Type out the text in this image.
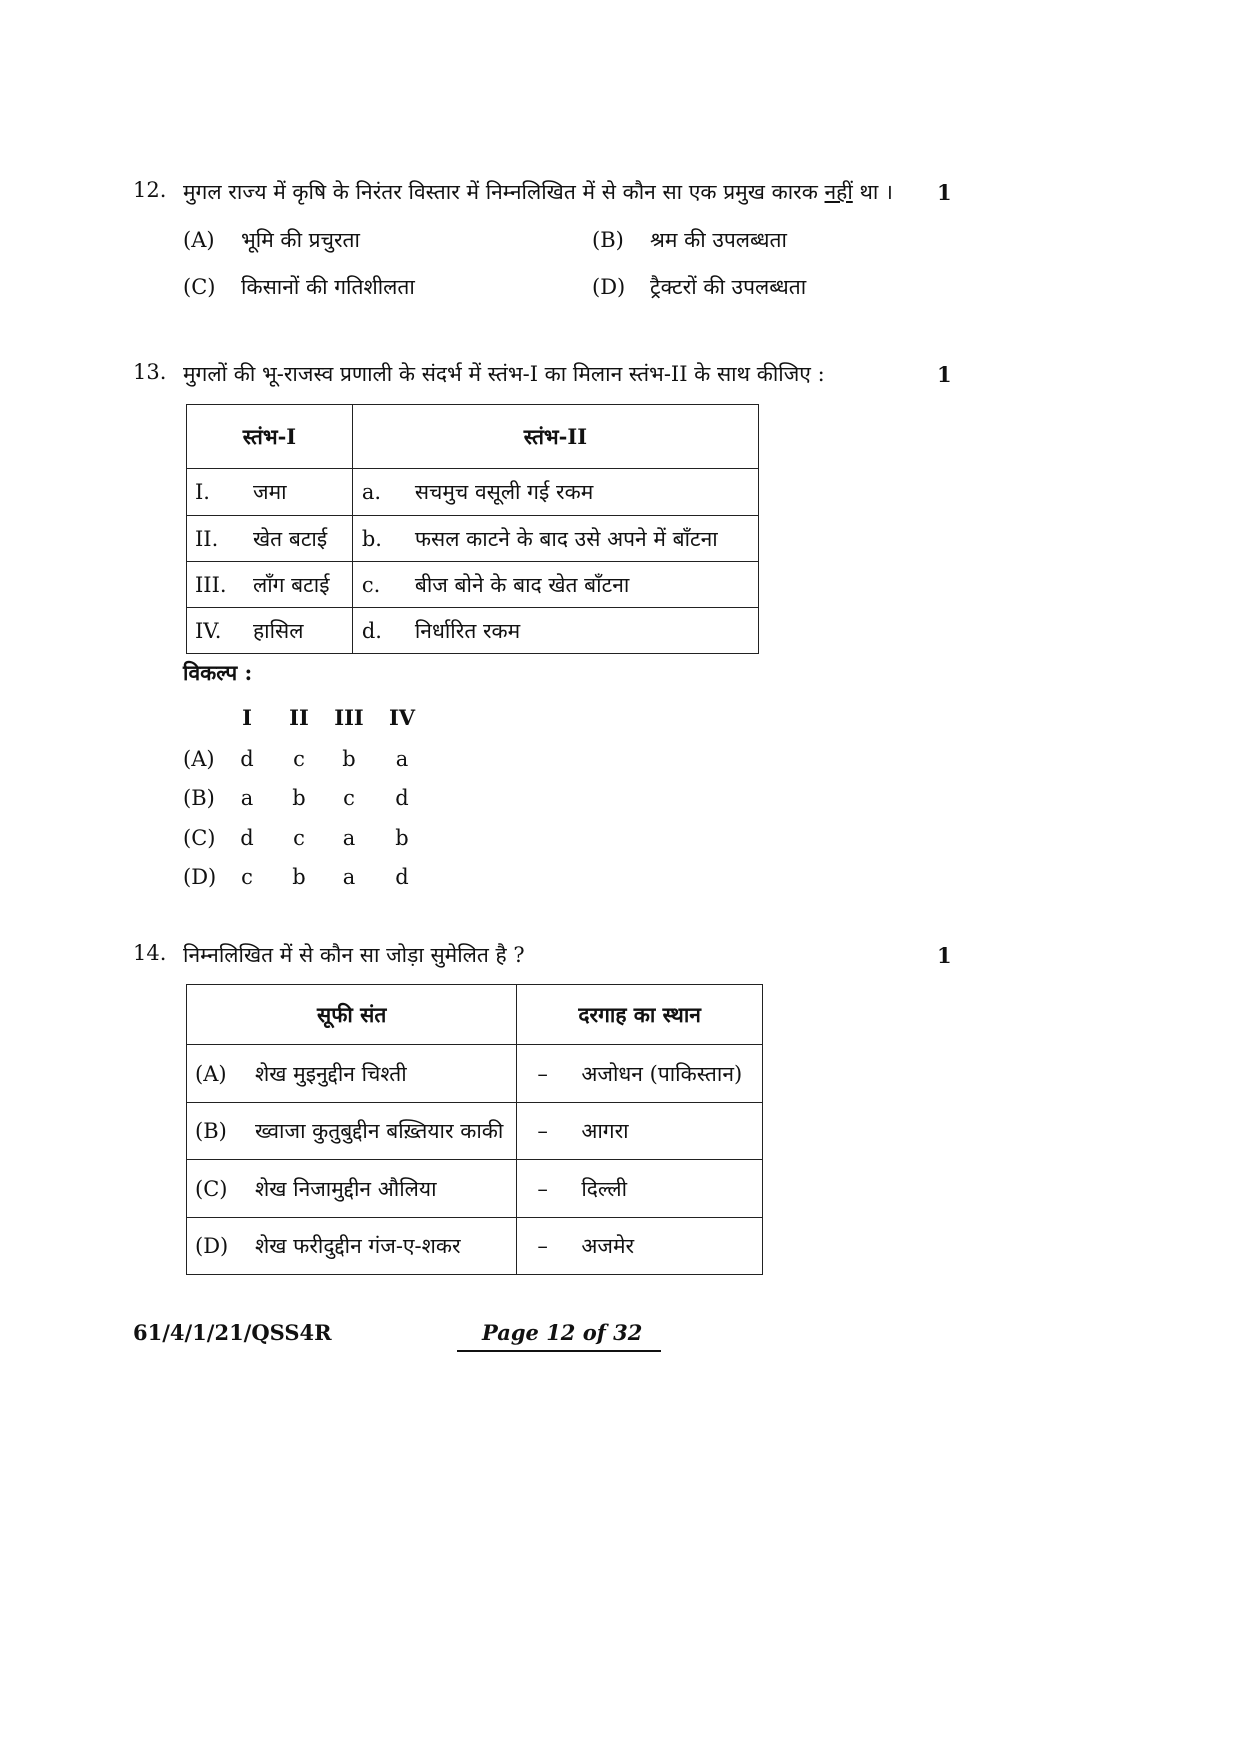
12. मुगल राज्य में कृषि के निरंतर विस्तार में निम्नलिखित में से कौन सा एक प्रमुख कारक नहीं था । 1
(A) भूमि की प्रचुरता	(B) श्रम की उपलब्धता
(C) किसानों की गतिशीलता	(D) ट्रैक्टरों की उपलब्धता
13. मुगलों की भू-राजस्व प्रणाली के संदर्भ में स्तंभ-I का मिलान स्तंभ-II के साथ कीजिए :	1
स्तंभ-I	स्तंभ-II

I. जमा	a. सचमुच वसूली गई रकम

II. खेत बटाई	b. फसल काटने के बाद उसे अपने में बाँटना

III. लाँग बटाई	c. बीज बोने के बाद खेत बाँटना

IV. हासिल	d. निर्धारित रकम
विकल्प :
I	II	III	IV
(A)	d	c	b	a
(B)	a	b	c	d
(C)	d	c	a	b
(D)	c	b	a	d
14. निम्नलिखित में से कौन सा जोड़ा सुमेलित है ?	1
सूफी संत	दरगाह का स्थान

(A) शेख मुइनुद्दीन चिश्ती	– अजोधन (पाकिस्तान)

(B) ख्वाजा कुतुबुद्दीन बख़्तियार काकी	– आगरा

(C) शेख निजामुद्दीन औलिया	– दिल्ली

(D) शेख फरीदुद्दीन गंज-ए-शकर	– अजमेर
61/4/1/21/QSS4R	Page 12 of 32
